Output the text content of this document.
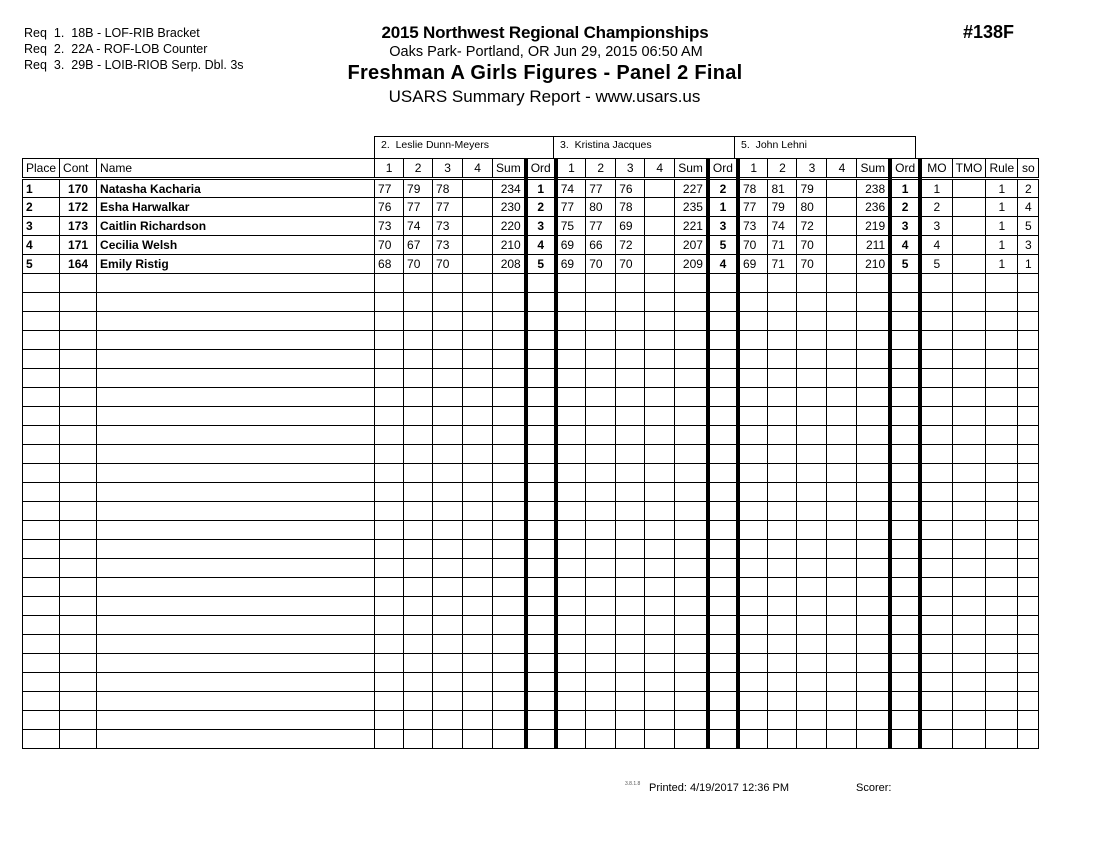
Req  1.  18B - LOF-RIB Bracket
Req  2.  22A - ROF-LOB Counter
Req  3.  29B - LOIB-RIOB Serp. Dbl. 3s
2015 Northwest Regional Championships
Oaks Park- Portland, OR Jun 29, 2015 06:50 AM
Freshman A Girls Figures - Panel 2 Final
USARS Summary Report - www.usars.us
#138F
2.  Leslie Dunn-Meyers	3.  Kristina Jacques	5.  John Lehni
Place	Cont	Name	1	2	3	4	Sum	Ord	1	2	3	4	Sum	Ord	1	2	3	4	Sum	Ord	MO	TMO	Rule	so
1	170	Natasha Kacharia	77	79	78		234	1	74	77	76		227	2	78	81	79		238	1	1		1	2
2	172	Esha Harwalkar	76	77	77		230	2	77	80	78		235	1	77	79	80		236	2	2		1	4
3	173	Caitlin Richardson	73	74	73		220	3	75	77	69		221	3	73	74	72		219	3	3		1	5
4	171	Cecilia Welsh	70	67	73		210	4	69	66	72		207	5	70	71	70		211	4	4		1	3
5	164	Emily Ristig	68	70	70		208	5	69	70	70		209	4	69	71	70		210	5	5		1	1

3.8.1.8 Printed: 4/19/2017 12:36 PM	Scorer:
